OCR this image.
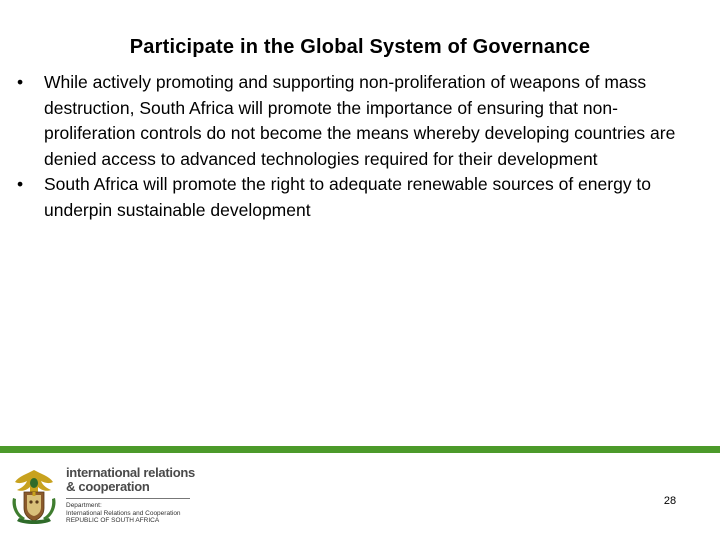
Participate in the Global System of Governance
• While actively promoting and supporting non-proliferation of weapons of mass destruction, South Africa will promote the importance of ensuring that non-proliferation controls do not become the means whereby developing countries are denied access to advanced technologies required for their development
• South Africa will promote the right to adequate renewable sources of energy to underpin sustainable development
international relations
& cooperation
Department:
International Relations and Cooperation
REPUBLIC OF SOUTH AFRICA
28
